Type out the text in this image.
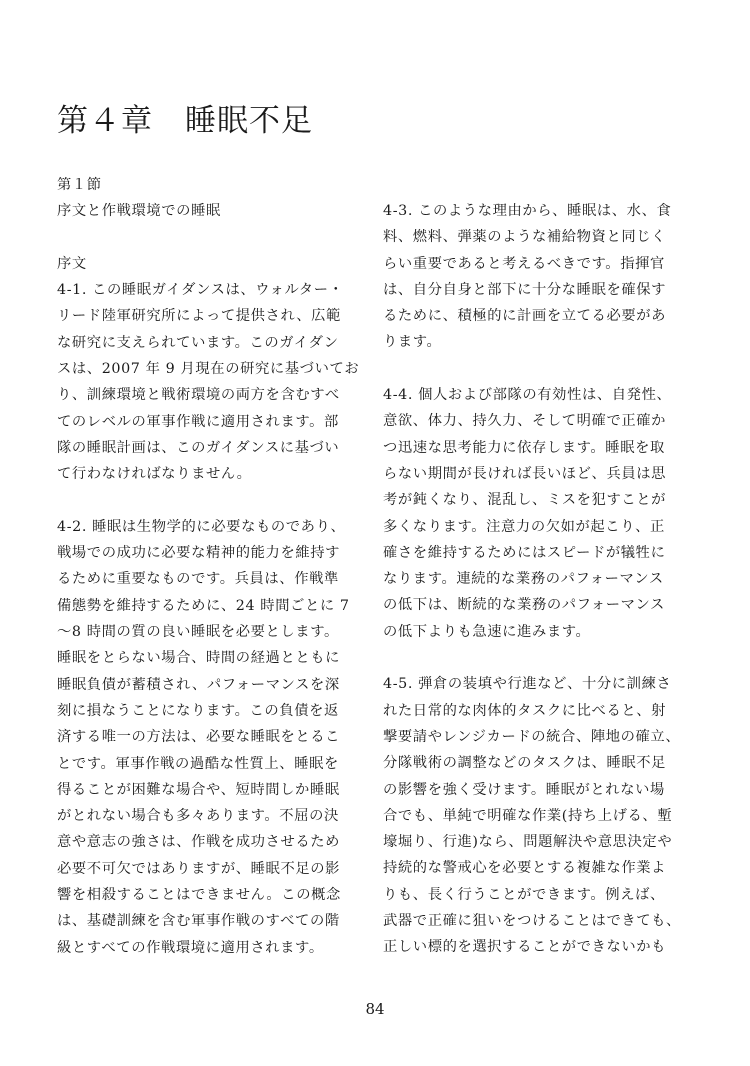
第４章　睡眠不足
第１節
序文と作戦環境での睡眠
序文
4-1. この睡眠ガイダンスは、ウォルター・
リード陸軍研究所によって提供され、広範
な研究に支えられています。このガイダン
スは、2007 年 9 月現在の研究に基づいてお
り、訓練環境と戦術環境の両方を含むすべ
てのレベルの軍事作戦に適用されます。部
隊の睡眠計画は、このガイダンスに基づい
て行わなければなりません。
4-2. 睡眠は生物学的に必要なものであり、
戦場での成功に必要な精神的能力を維持す
るために重要なものです。兵員は、作戦準
備態勢を維持するために、24 時間ごとに 7
～8 時間の質の良い睡眠を必要とします。
睡眠をとらない場合、時間の経過とともに
睡眠負債が蓄積され、パフォーマンスを深
刻に損なうことになります。この負債を返
済する唯一の方法は、必要な睡眠をとるこ
とです。軍事作戦の過酷な性質上、睡眠を
得ることが困難な場合や、短時間しか睡眠
がとれない場合も多々あります。不屈の決
意や意志の強さは、作戦を成功させるため
必要不可欠ではありますが、睡眠不足の影
響を相殺することはできません。この概念
は、基礎訓練を含む軍事作戦のすべての階
級とすべての作戦環境に適用されます。
4-3. このような理由から、睡眠は、水、食
料、燃料、弾薬のような補給物資と同じく
らい重要であると考えるべきです。指揮官
は、自分自身と部下に十分な睡眠を確保す
るために、積極的に計画を立てる必要があ
ります。
4-4. 個人および部隊の有効性は、自発性、
意欲、体力、持久力、そして明確で正確か
つ迅速な思考能力に依存します。睡眠を取
らない期間が長ければ長いほど、兵員は思
考が鈍くなり、混乱し、ミスを犯すことが
多くなります。注意力の欠如が起こり、正
確さを維持するためにはスピードが犠牲に
なります。連続的な業務のパフォーマンス
の低下は、断続的な業務のパフォーマンス
の低下よりも急速に進みます。
4-5. 弾倉の装填や行進など、十分に訓練さ
れた日常的な肉体的タスクに比べると、射
撃要請やレンジカードの統合、陣地の確立、
分隊戦術の調整などのタスクは、睡眠不足
の影響を強く受けます。睡眠がとれない場
合でも、単純で明確な作業(持ち上げる、塹
壕堀り、行進)なら、問題解決や意思決定や
持続的な警戒心を必要とする複雑な作業よ
りも、長く行うことができます。例えば、
武器で正確に狙いをつけることはできても、
正しい標的を選択することができないかも
84
